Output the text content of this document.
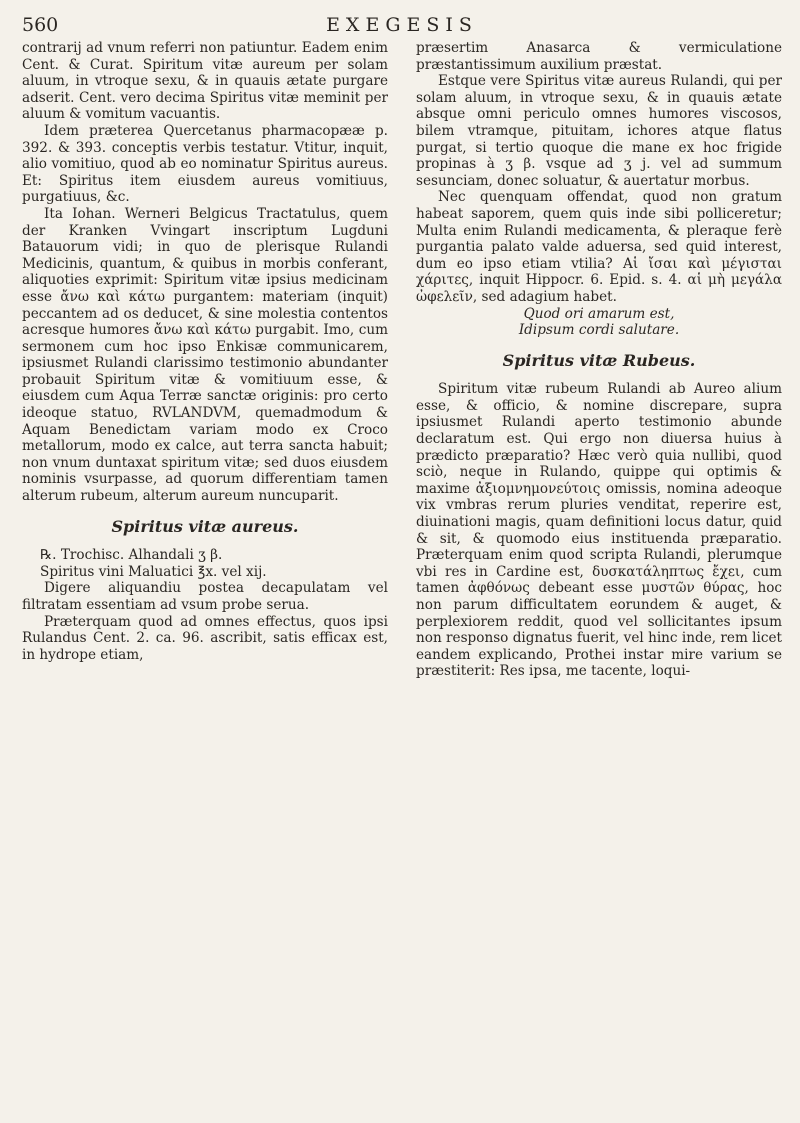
560	EXEGESIS

contrarij ad vnum referri non patiuntur. Eadem enim Cent. & Curat. Spiritum vitæ aureum per solam aluum, in vtroque sexu, & in quauis ætate purgare adserit. Cent. vero decima Spiritus vitæ meminit per aluum & vomitum vacuantis.

Idem præterea Quercetanus pharmacopææ p. 392. & 393. conceptis verbis testatur. Vtitur, inquit, alio vomitiuo, quod ab eo nominatur Spiritus aureus. Et: Spiritus item eiusdem aureus vomitiuus, purgatiuus, &c.

Ita Iohan. Werneri Belgicus Tractatulus, quem der Kranken Vvingart inscriptum Lugduni Batauorum vidi; in quo de plerisque Rulandi Medicinis, quantum, & quibus in morbis conferant, aliquoties exprimit: Spiritum vitæ ipsius medicinam esse ἄνω καὶ κάτω purgantem: materiam (inquit) peccantem ad os deducet, & sine molestia contentos acresque humores ἄνω καὶ κάτω purgabit. Imo, cum sermonem cum hoc ipso Enkisæ communicarem, ipsiusmet Rulandi clarissimo testimonio abundanter probauit Spiritum vitæ & vomitiuum esse, & eiusdem cum Aqua Terræ sanctæ originis: pro certo ideoque statuo, RVLANDVM, quemadmodum & Aquam Benedictam variam modo ex Croco metallorum, modo ex calce, aut terra sancta habuit; non vnum duntaxat spiritum vitæ; sed duos eiusdem nominis vsurpasse, ad quorum differentiam tamen alterum rubeum, alterum aureum nuncuparit.

Spiritus vitæ aureus.

℞. Trochisc. Alhandali ʒ β.

Spiritus vini Maluatici ℥x. vel xij.

Digere aliquandiu postea decapulatam vel filtratam essentiam ad vsum probe serua.

Præterquam quod ad omnes effectus, quos ipsi Rulandus Cent. 2. ca. 96. ascribit, satis efficax est, in hydrope etiam,

præsertim Anasarca & vermiculatione præstantissimum auxilium præstat.

Estque vere Spiritus vitæ aureus Rulandi, qui per solam aluum, in vtroque sexu, & in quauis ætate absque omni periculo omnes humores viscosos, bilem vtramque, pituitam, ichores atque flatus purgat, si tertio quoque die mane ex hoc frigide propinas à ʒ β. vsque ad ʒ j. vel ad summum sesunciam, donec soluatur, & auertatur morbus.

Nec quenquam offendat, quod non gratum habeat saporem, quem quis inde sibi polliceretur; Multa enim Rulandi medicamenta, & pleraque ferè purgantia palato valde aduersa, sed quid interest, dum eo ipso etiam vtilia? Αἱ ἴσαι καὶ μέγισται χάριτες, inquit Hippocr. 6. Epid. s. 4. αἱ μὴ μεγάλα ὠφελεῖν, sed adagium habet.

Quod ori amarum est,

Idipsum cordi salutare.

Spiritus vitæ Rubeus.

Spiritum vitæ rubeum Rulandi ab Aureo alium esse, & officio, & nomine discrepare, supra ipsiusmet Rulandi aperto testimonio abunde declaratum est. Qui ergo non diuersa huius à prædicto præparatio? Hæc verò quia nullibi, quod sciò, neque in Rulando, quippe qui optimis & maxime ἀξιομνημονεύτοις omissis, nomina adeoque vix vmbras rerum pluries venditat, reperire est, diuinationi magis, quam definitioni locus datur, quid & sit, & quomodo eius instituenda præparatio. Præterquam enim quod scripta Rulandi, plerumque vbi res in Cardine est, δυσκατάληπτως ἔχει, cum tamen ἀφθόνως debeant esse μυστῶν θύρας, hoc non parum difficultatem eorundem & auget, & perplexiorem reddit, quod vel sollicitantes ipsum non responso dignatus fuerit, vel hinc inde, rem licet eandem explicando, Prothei instar mire varium se præstiterit: Res ipsa, me tacente, loqui-
